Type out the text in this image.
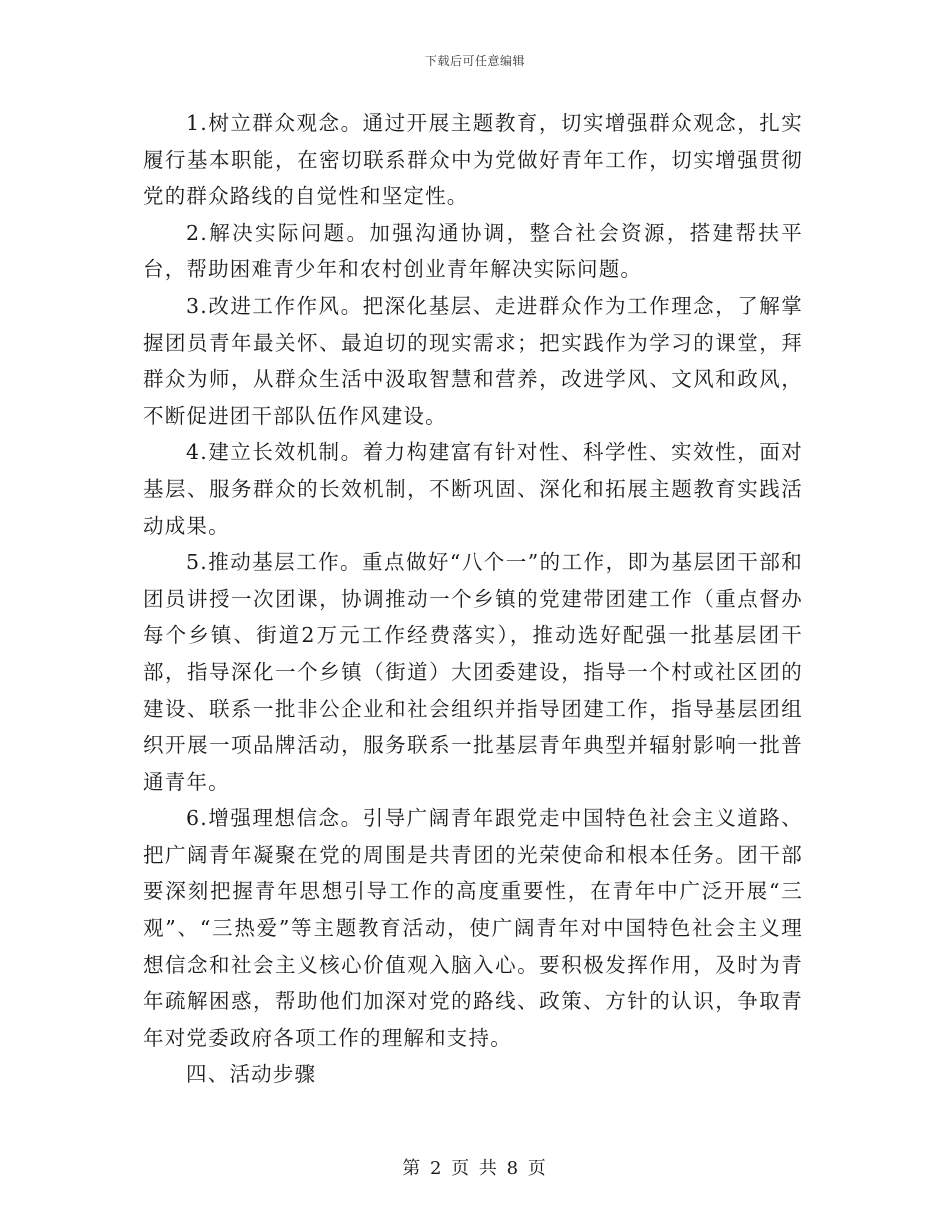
下载后可任意编辑

1.树立群众观念。通过开展主题教育，切实增强群众观念，扎实履行基本职能，在密切联系群众中为党做好青年工作，切实增强贯彻党的群众路线的自觉性和坚定性。

2.解决实际问题。加强沟通协调，整合社会资源，搭建帮扶平台，帮助困难青少年和农村创业青年解决实际问题。

3.改进工作作风。把深化基层、走进群众作为工作理念，了解掌握团员青年最关怀、最迫切的现实需求；把实践作为学习的课堂，拜群众为师，从群众生活中汲取智慧和营养，改进学风、文风和政风，不断促进团干部队伍作风建设。

4.建立长效机制。着力构建富有针对性、科学性、实效性，面对基层、服务群众的长效机制，不断巩固、深化和拓展主题教育实践活动成果。

5.推动基层工作。重点做好“八个一”的工作，即为基层团干部和团员讲授一次团课，协调推动一个乡镇的党建带团建工作（重点督办每个乡镇、街道2万元工作经费落实），推动选好配强一批基层团干部，指导深化一个乡镇（街道）大团委建设，指导一个村或社区团的建设、联系一批非公企业和社会组织并指导团建工作，指导基层团组织开展一项品牌活动，服务联系一批基层青年典型并辐射影响一批普通青年。

6.增强理想信念。引导广阔青年跟党走中国特色社会主义道路、把广阔青年凝聚在党的周围是共青团的光荣使命和根本任务。团干部要深刻把握青年思想引导工作的高度重要性，在青年中广泛开展“三观”、“三热爱”等主题教育活动，使广阔青年对中国特色社会主义理想信念和社会主义核心价值观入脑入心。要积极发挥作用，及时为青年疏解困惑，帮助他们加深对党的路线、政策、方针的认识，争取青年对党委政府各项工作的理解和支持。

四、活动步骤

第 2 页 共 8 页
